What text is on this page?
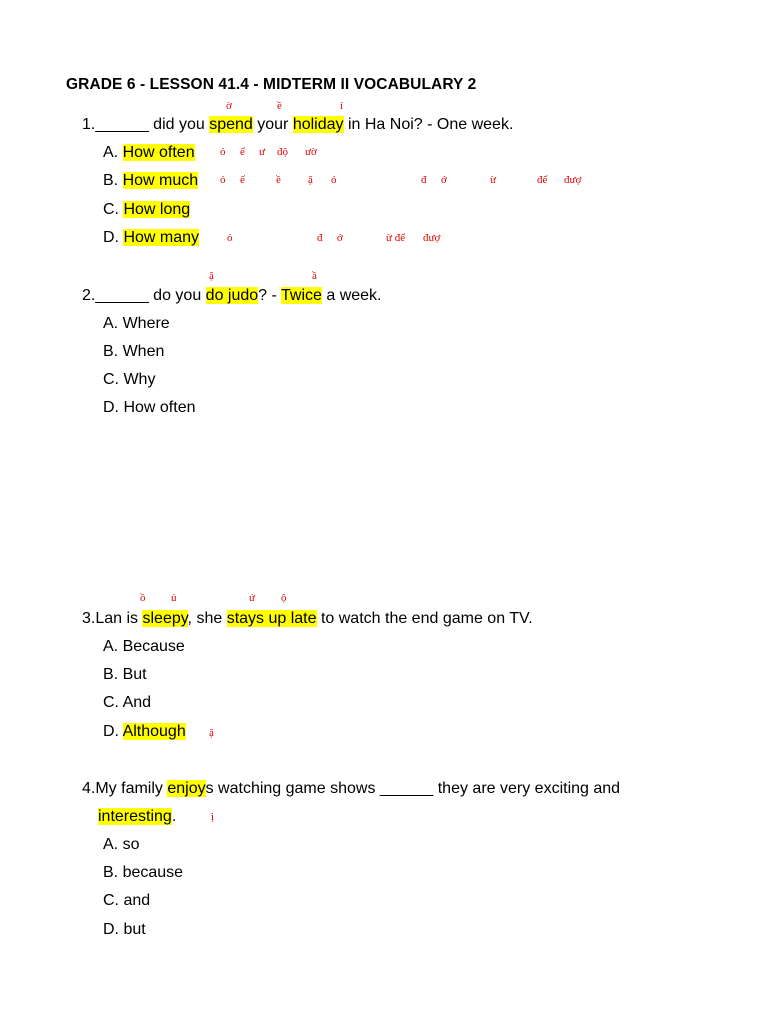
GRADE 6 - LESSON 41.4 - MIDTERM II VOCABULARY 2
ờ	ề	ỉ
1.______ did you spend your holiday in Ha Noi? - One week.
A. How often ỏ ế ư độ ườ
B. How much ỏ ế	ề ặ ỏ	đ ớ	ừ	để đượ
C. How long
D. How many	ỏ	đ ớ	ừ để đượ
ậ	ầ
2.______ do you do judo? - Twice a week.
A. Where
B. When
C. Why
D. How often
ồ ủ	ứ ộ
3.Lan is sleepy, she stays up late to watch the end game on TV.
A. Because
B. But
C. And
D. Although ặ
4.My family enjoys watching game shows ______ they are very exciting and
interesting.	ị
A. so
B. because
C. and
D. but
